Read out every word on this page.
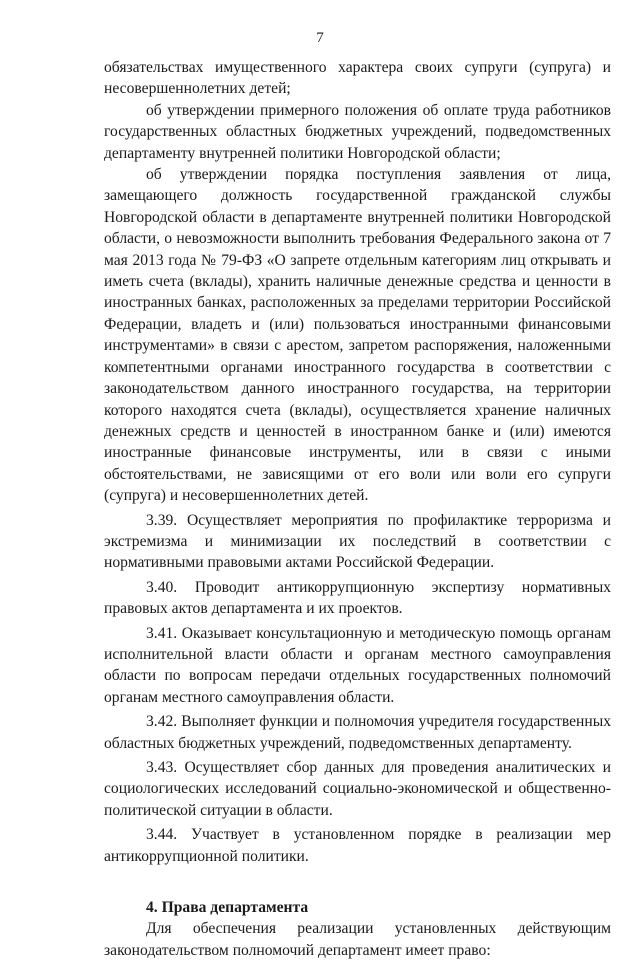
7

обязательствах имущественного характера своих супруги (супруга) и несовершеннолетних детей;

об утверждении примерного положения об оплате труда работников государственных областных бюджетных учреждений, подведомственных департаменту внутренней политики Новгородской области;

об утверждении порядка поступления заявления от лица, замещающего должность государственной гражданской службы Новгородской области в департаменте внутренней политики Новгородской области, о невозможности выполнить требования Федерального закона от 7 мая 2013 года № 79-ФЗ «О запрете отдельным категориям лиц открывать и иметь счета (вклады), хранить наличные денежные средства и ценности в иностранных банках, расположенных за пределами территории Российской Федерации, владеть и (или) пользоваться иностранными финансовыми инструментами» в связи с арестом, запретом распоряжения, наложенными компетентными органами иностранного государства в соответствии с законодательством данного иностранного государства, на территории которого находятся счета (вклады), осуществляется хранение наличных денежных средств и ценностей в иностранном банке и (или) имеются иностранные финансовые инструменты, или в связи с иными обстоятельствами, не зависящими от его воли или воли его супруги (супруга) и несовершеннолетних детей.

3.39. Осуществляет мероприятия по профилактике терроризма и экстремизма и минимизации их последствий в соответствии с нормативными правовыми актами Российской Федерации.

3.40. Проводит антикоррупционную экспертизу нормативных правовых актов департамента и их проектов.

3.41. Оказывает консультационную и методическую помощь органам исполнительной власти области и органам местного самоуправления области по вопросам передачи отдельных государственных полномочий органам местного самоуправления области.

3.42. Выполняет функции и полномочия учредителя государственных областных бюджетных учреждений, подведомственных департаменту.

3.43. Осуществляет сбор данных для проведения аналитических и социологических исследований социально-экономической и общественно-политической ситуации в области.

3.44. Участвует в установленном порядке в реализации мер антикоррупционной политики.

4. Права департамента

Для обеспечения реализации установленных действующим законодательством полномочий департамент имеет право:
